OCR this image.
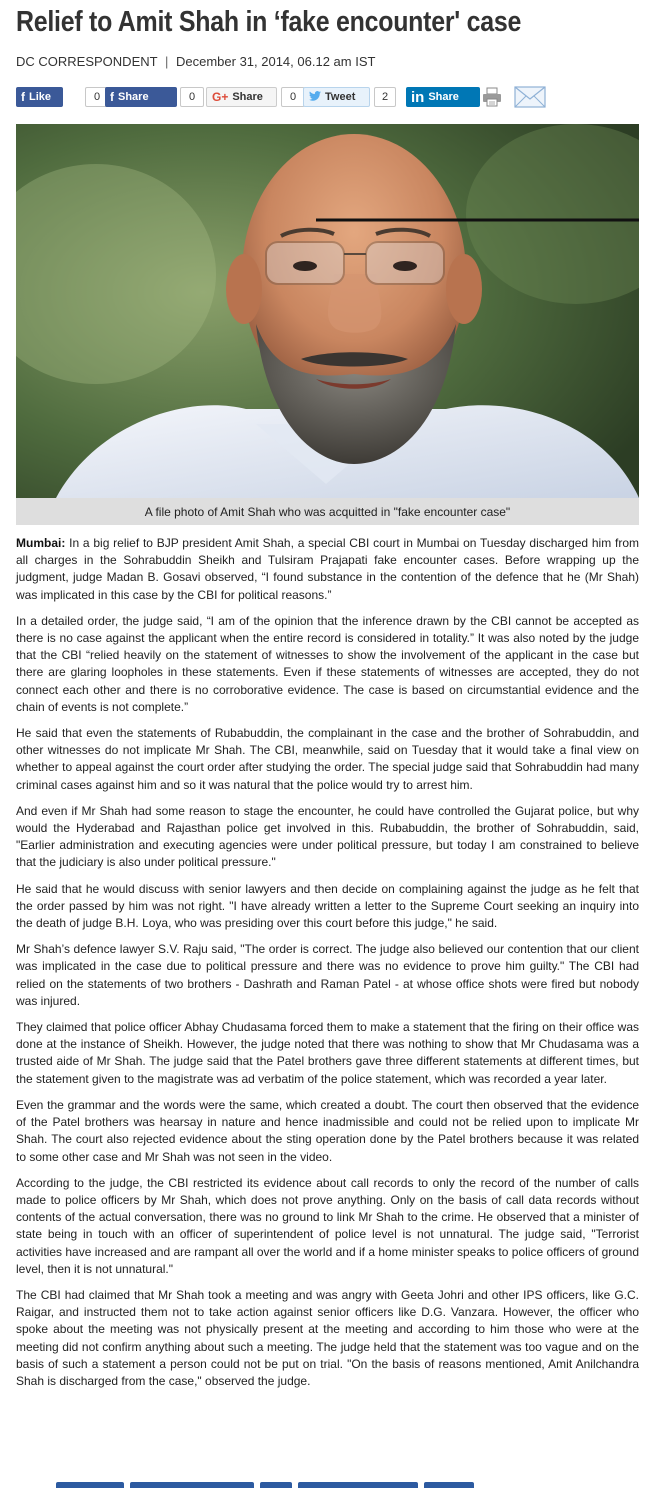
Relief to Amit Shah in ‘fake encounter' case
DC CORRESPONDENT | December 31, 2014, 06.12 am IST
f Like	0 f Share	0	G+ Share	0	Tweet	2	in Share
A file photo of Amit Shah who was acquitted in "fake encounter case"

Mumbai: In a big relief to BJP president Amit Shah, a special CBI court in Mumbai on Tuesday discharged him from all charges in the Sohrabuddin Sheikh and Tulsiram Prajapati fake encounter cases. Before wrapping up the judgment, judge Madan B. Gosavi observed, “I found substance in the contention of the defence that he (Mr Shah) was implicated in this case by the CBI for political reasons.”

In a detailed order, the judge said, “I am of the opinion that the inference drawn by the CBI cannot be accepted as there is no case against the applicant when the entire record is considered in totality.” It was also noted by the judge that the CBI “relied heavily on the statement of witnesses to show the involvement of the applicant in the case but there are glaring loopholes in these statements. Even if these statements of witnesses are accepted, they do not connect each other and there is no corroborative evidence. The case is based on circumstantial evidence and the chain of events is not complete.”

He said that even the statements of Rubabuddin, the complainant in the case and the brother of Sohrabuddin, and other witnesses do not implicate Mr Shah. The CBI, meanwhile, said on Tuesday that it would take a final view on whether to appeal against the court order after studying the order. The special judge said that Sohrabuddin had many criminal cases against him and so it was natural that the police would try to arrest him.

And even if Mr Shah had some reason to stage the encounter, he could have controlled the Gujarat police, but why would the Hyderabad and Rajasthan police get involved in this. Rubabuddin, the brother of Sohrabuddin, said, "Earlier administration and executing agencies were under political pressure, but today I am constrained to believe that the judiciary is also under political pressure."

He said that he would discuss with senior lawyers and then decide on complaining against the judge as he felt that the order passed by him was not right. "I have already written a letter to the Supreme Court seeking an inquiry into the death of judge B.H. Loya, who was presiding over this court before this judge," he said.

Mr Shah’s defence lawyer S.V. Raju said, "The order is correct. The judge also believed our contention that our client was implicated in the case due to political pressure and there was no evidence to prove him guilty." The CBI had relied on the statements of two brothers - Dashrath and Raman Patel - at whose office shots were fired but nobody was injured.

They claimed that police officer Abhay Chudasama forced them to make a statement that the firing on their office was done at the instance of Sheikh. However, the judge noted that there was nothing to show that Mr Chudasama was a trusted aide of Mr Shah. The judge said that the Patel brothers gave three different statements at different times, but the statement given to the magistrate was ad verbatim of the police statement, which was recorded a year later.

Even the grammar and the words were the same, which created a doubt. The court then observed that the evidence of the Patel brothers was hearsay in nature and hence inadmissible and could not be relied upon to implicate Mr Shah. The court also rejected evidence about the sting operation done by the Patel brothers because it was related to some other case and Mr Shah was not seen in the video.

According to the judge, the CBI restricted its evidence about call records to only the record of the number of calls made to police officers by Mr Shah, which does not prove anything. Only on the basis of call data records without contents of the actual conversation, there was no ground to link Mr Shah to the crime. He observed that a minister of state being in touch with an officer of superintendent of police level is not unnatural. The judge said, "Terrorist activities have increased and are rampant all over the world and if a home minister speaks to police officers of ground level, then it is not unnatural."

The CBI had claimed that Mr Shah took a meeting and was angry with Geeta Johri and other IPS officers, like G.C. Raigar, and instructed them not to take action against senior officers like D.G. Vanzara. However, the officer who spoke about the meeting was not physically present at the meeting and according to him those who were at the meeting did not confirm anything about such a meeting. The judge held that the statement was too vague and on the basis of such a statement a person could not be put on trial. "On the basis of reasons mentioned, Amit Anilchandra Shah is discharged from the case," observed the judge.
